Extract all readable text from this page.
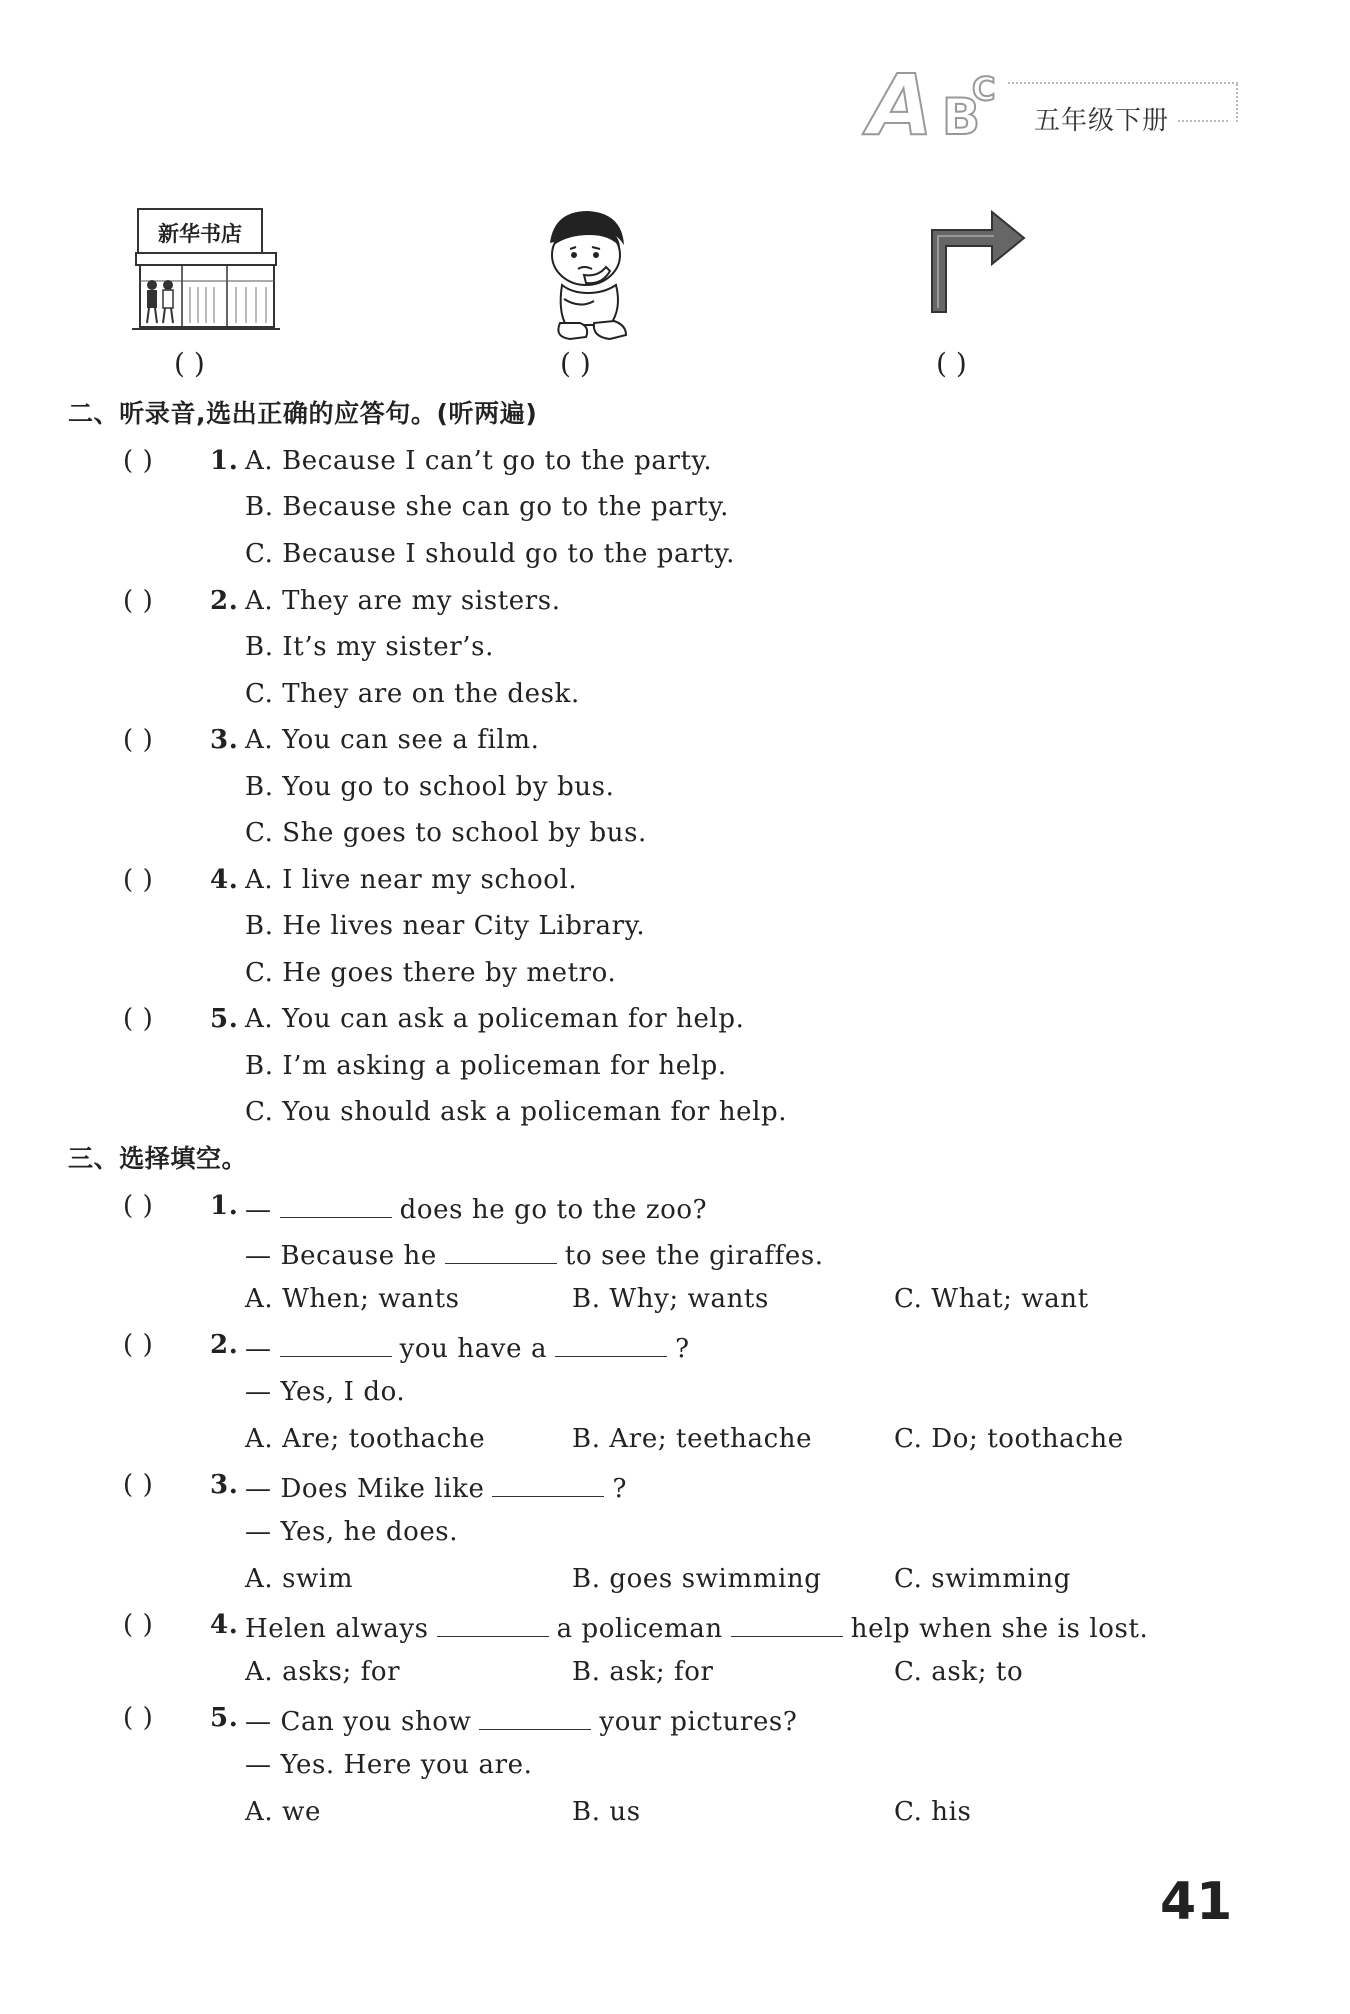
A B
C
五年级下册
新华书店
( )	( )	( )
二、听录音,选出正确的应答句。(听两遍)
( ) 1. A. Because I can’t go to the party.
B. Because she can go to the party.
C. Because I should go to the party.
( ) 2. A. They are my sisters.
B. It’s my sister’s.
C. They are on the desk.
( ) 3. A. You can see a film.
B. You go to school by bus.
C. She goes to school by bus.
( ) 4. A. I live near my school.
B. He lives near City Library.
C. He goes there by metro.
( ) 5. A. You can ask a policeman for help.
B. I’m asking a policeman for help.
C. You should ask a policeman for help.
三、选择填空。
( ) 1. —	does he go to the zoo?
— Because he	to see the giraffes.
A. When; wants	B. Why; wants	C. What; want
( ) 2. —	you have a	?
— Yes, I do.
A. Are; toothache	B. Are; teethache	C. Do; toothache
( ) 3. — Does Mike like	?
— Yes, he does.
A. swim	B. goes swimming	C. swimming
( ) 4. Helen always	a policeman	help when she is lost.
A. asks; for	B. ask; for	C. ask; to
( ) 5. — Can you show	your pictures?
— Yes. Here you are.
A. we	B. us	C. his
41
